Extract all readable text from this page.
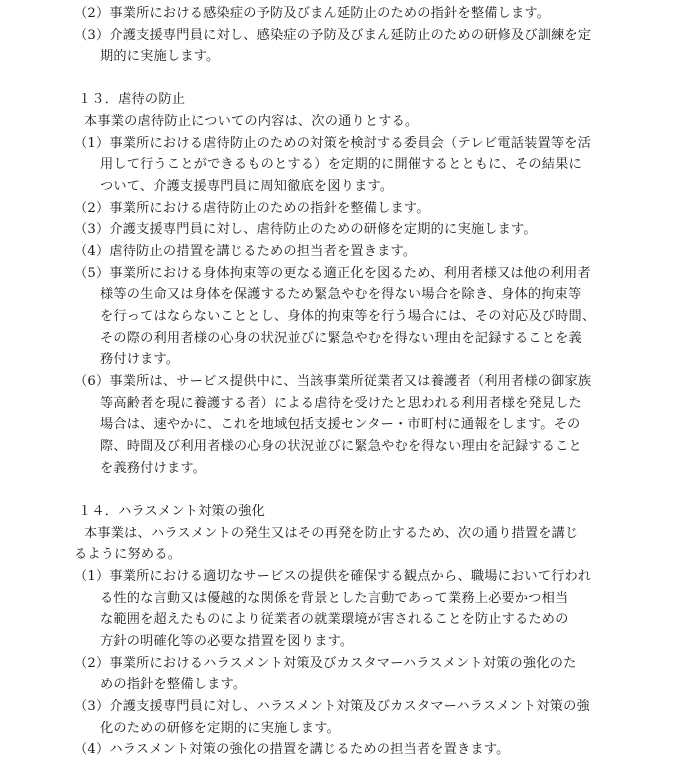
（2）事業所における感染症の予防及びまん延防止のための指針を整備します。
（3）介護支援専門員に対し、感染症の予防及びまん延防止のための研修及び訓練を定
期的に実施します。
１３．虐待の防止
本事業の虐待防止についての内容は、次の通りとする。
（1）事業所における虐待防止のための対策を検討する委員会（テレビ電話装置等を活
用して行うことができるものとする）を定期的に開催するとともに、その結果に
ついて、介護支援専門員に周知徹底を図ります。
（2）事業所における虐待防止のための指針を整備します。
（3）介護支援専門員に対し、虐待防止のための研修を定期的に実施します。
（4）虐待防止の措置を講じるための担当者を置きます。
（5）事業所における身体拘束等の更なる適正化を図るため、利用者様又は他の利用者
様等の生命又は身体を保護するため緊急やむを得ない場合を除き、身体的拘束等
を行ってはならないこととし、身体的拘束等を行う場合には、その対応及び時間、
その際の利用者様の心身の状況並びに緊急やむを得ない理由を記録することを義
務付けます。
（6）事業所は、サービス提供中に、当該事業所従業者又は養護者（利用者様の御家族
等高齢者を現に養護する者）による虐待を受けたと思われる利用者様を発見した
場合は、速やかに、これを地域包括支援センター・市町村に通報をします。その
際、時間及び利用者様の心身の状況並びに緊急やむを得ない理由を記録すること
を義務付けます。
１４．ハラスメント対策の強化
本事業は、ハラスメントの発生又はその再発を防止するため、次の通り措置を講じ
るように努める。
（1）事業所における適切なサービスの提供を確保する観点から、職場において行われ
る性的な言動又は優越的な関係を背景とした言動であって業務上必要かつ相当
な範囲を超えたものにより従業者の就業環境が害されることを防止するための
方針の明確化等の必要な措置を図ります。
（2）事業所におけるハラスメント対策及びカスタマーハラスメント対策の強化のた
めの指針を整備します。
（3）介護支援専門員に対し、ハラスメント対策及びカスタマーハラスメント対策の強
化のための研修を定期的に実施します。
（4）ハラスメント対策の強化の措置を講じるための担当者を置きます。
